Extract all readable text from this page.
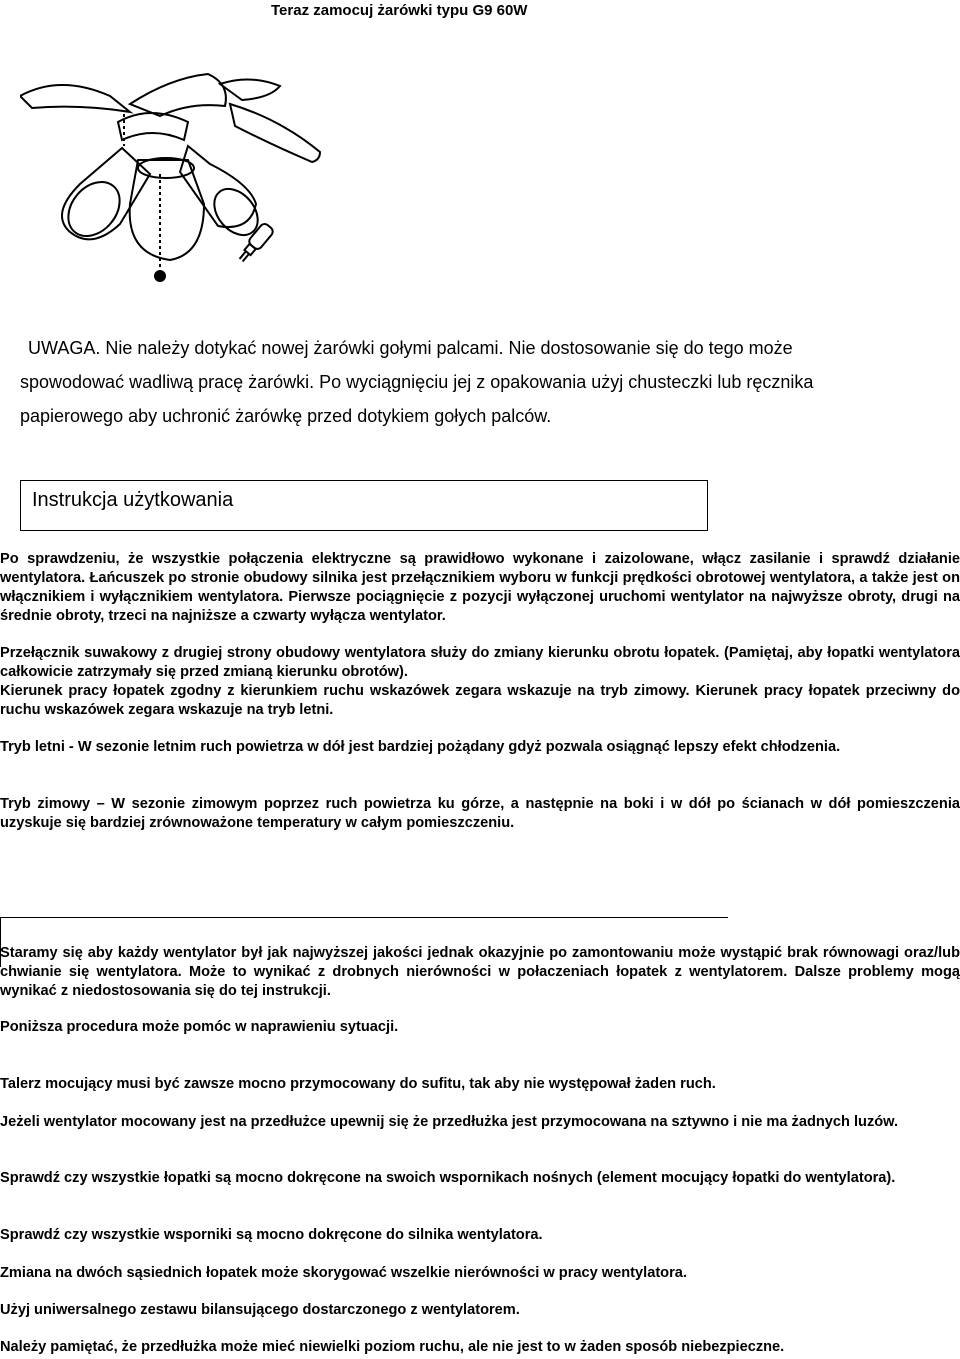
Teraz zamocuj żarówki typu G9 60W
UWAGA. Nie należy dotykać nowej żarówki gołymi palcami. Nie dostosowanie się do tego może
spowodować wadliwą pracę żarówki. Po wyciągnięciu jej z opakowania użyj chusteczki lub ręcznika
papierowego aby uchronić żarówkę przed dotykiem gołych palców.
Instrukcja użytkowania
Po sprawdzeniu, że wszystkie połączenia elektryczne są prawidłowo wykonane i zaizolowane, włącz zasilanie i sprawdź działanie wentylatora. Łańcuszek po stronie obudowy silnika jest przełącznikiem wyboru w funkcji prędkości obrotowej wentylatora, a także jest on włącznikiem i wyłącznikiem wentylatora. Pierwsze pociągnięcie z pozycji wyłączonej uruchomi wentylator na najwyższe obroty, drugi na średnie obroty, trzeci na najniższe a czwarty wyłącza wentylator.
Przełącznik suwakowy z drugiej strony obudowy wentylatora służy do zmiany kierunku obrotu łopatek. (Pamiętaj, aby łopatki wentylatora całkowicie zatrzymały się przed zmianą kierunku obrotów).
Kierunek pracy łopatek zgodny z kierunkiem ruchu wskazówek zegara wskazuje na tryb zimowy. Kierunek pracy łopatek przeciwny do ruchu wskazówek zegara wskazuje na tryb letni.
Tryb letni - W sezonie letnim ruch powietrza w dół jest bardziej pożądany gdyż pozwala osiągnąć lepszy efekt chłodzenia.
Tryb zimowy – W sezonie zimowym poprzez ruch powietrza ku górze, a następnie na boki i w dół po ścianach w dół pomieszczenia uzyskuje się bardziej zrównoważone temperatury w całym pomieszczeniu.
Staramy się aby każdy wentylator był jak najwyższej jakości jednak okazyjnie po zamontowaniu może wystąpić brak równowagi oraz/lub chwianie się wentylatora. Może to wynikać z drobnych nierówności w połaczeniach łopatek z wentylatorem. Dalsze problemy mogą wynikać z niedostosowania się do tej instrukcji.
Poniższa procedura może pomóc w naprawieniu sytuacji.
Talerz mocujący musi być zawsze mocno przymocowany do sufitu, tak aby nie występował żaden ruch.
Jeżeli wentylator mocowany jest na przedłużce upewnij się że przedłużka jest przymocowana na sztywno i nie ma żadnych luzów.
Sprawdź czy wszystkie łopatki są mocno dokręcone na swoich wspornikach nośnych (element mocujący łopatki do wentylatora).
Sprawdź czy wszystkie wsporniki są mocno dokręcone do silnika wentylatora.
Zmiana na dwóch sąsiednich łopatek może skorygować wszelkie nierówności w pracy wentylatora.
Użyj uniwersalnego zestawu bilansującego dostarczonego z wentylatorem.
Należy pamiętać, że przedłużka może mieć niewielki poziom ruchu, ale nie jest to w żaden sposób niebezpieczne.
